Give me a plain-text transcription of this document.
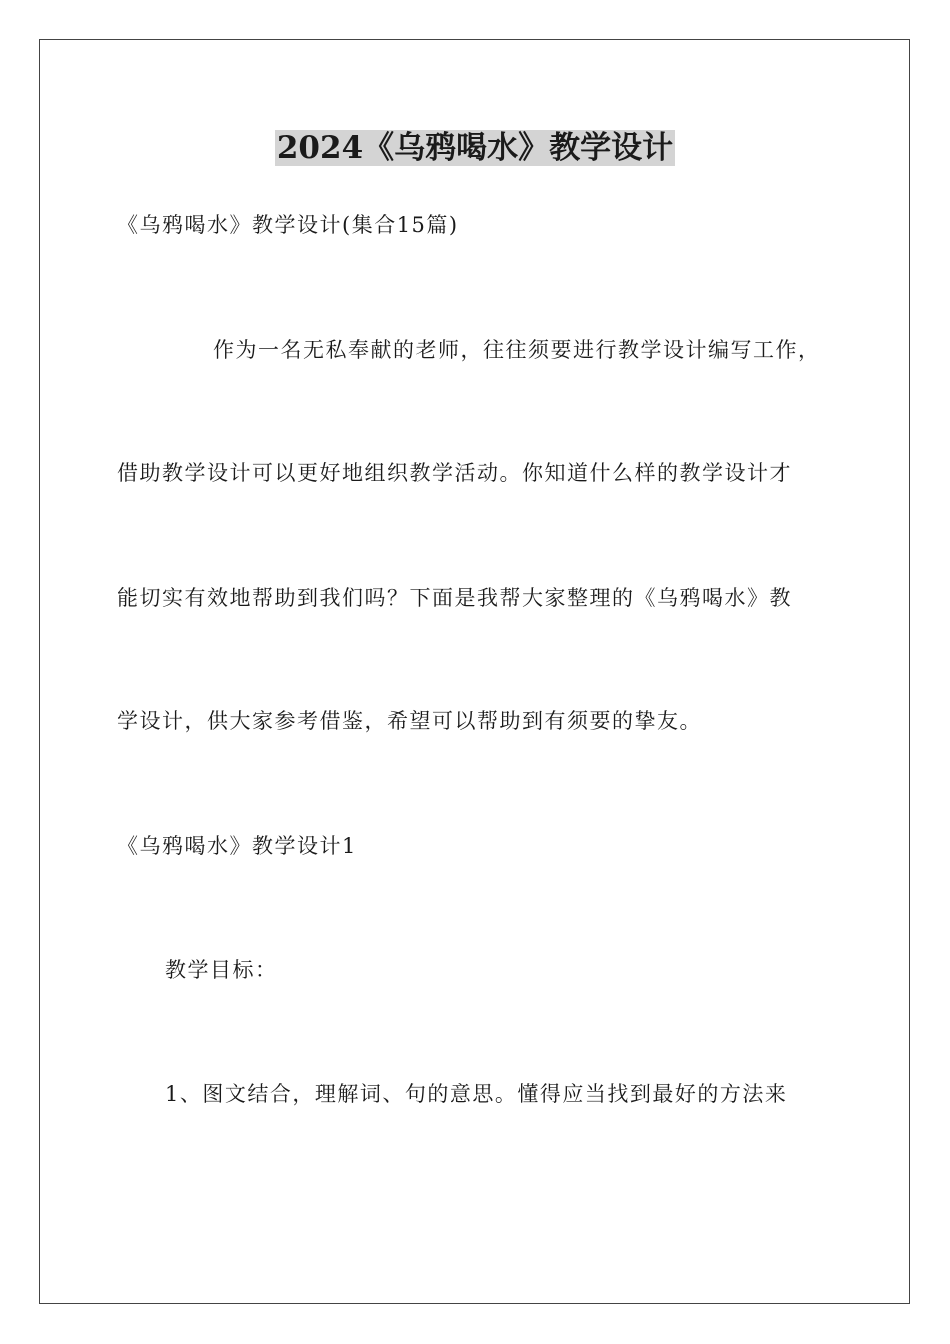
2024《乌鸦喝水》教学设计

《乌鸦喝水》教学设计(集合15篇)

作为一名无私奉献的老师，往往须要进行教学设计编写工作，

借助教学设计可以更好地组织教学活动。你知道什么样的教学设计才

能切实有效地帮助到我们吗？下面是我帮大家整理的《乌鸦喝水》教

学设计，供大家参考借鉴，希望可以帮助到有须要的挚友。

《乌鸦喝水》教学设计1

教学目标：

1、图文结合，理解词、句的意思。懂得应当找到最好的方法来
